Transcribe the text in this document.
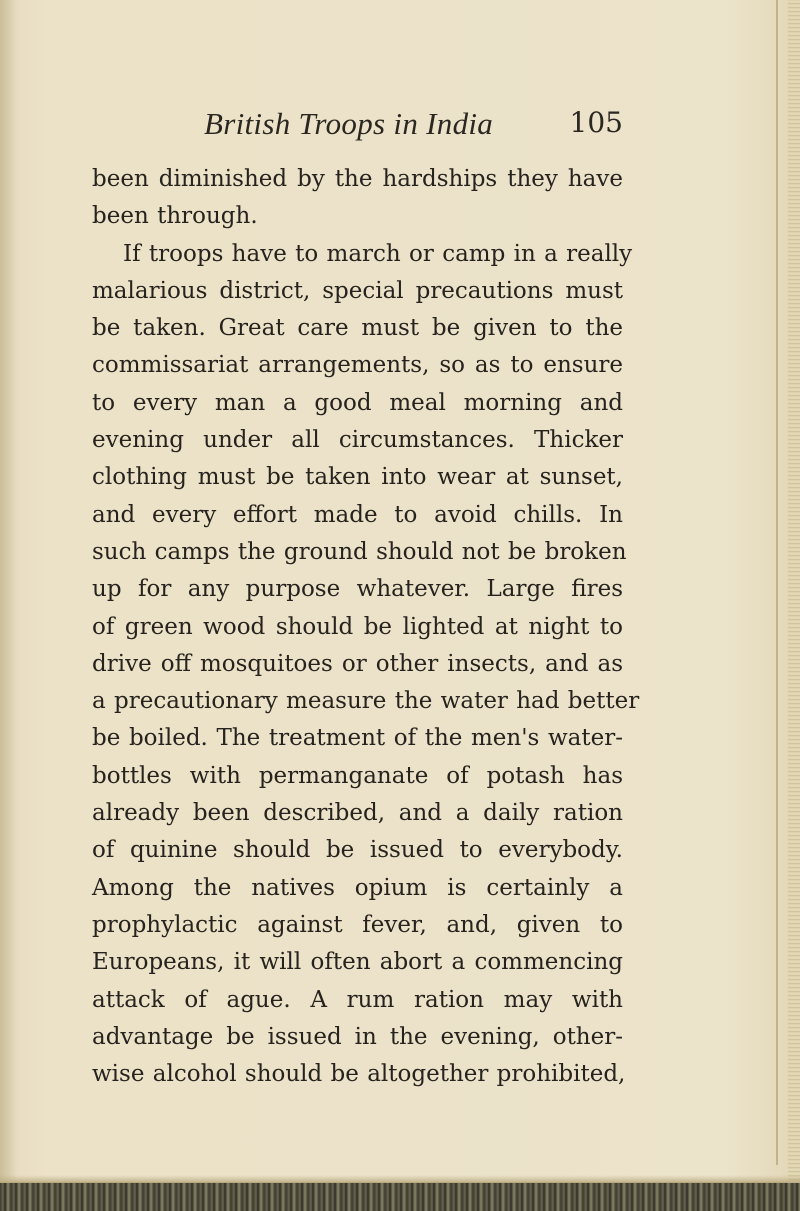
British Troops in India	105
been diminished by the hardships they have
been through.
If troops have to march or camp in a really
malarious district, special precautions must
be taken. Great care must be given to the
commissariat arrangements, so as to ensure
to every man a good meal morning and
evening under all circumstances. Thicker
clothing must be taken into wear at sunset,
and every effort made to avoid chills. In
such camps the ground should not be broken
up for any purpose whatever. Large fires
of green wood should be lighted at night to
drive off mosquitoes or other insects, and as
a precautionary measure the water had better
be boiled. The treatment of the men's water-
bottles with permanganate of potash has
already been described, and a daily ration
of quinine should be issued to everybody.
Among the natives opium is certainly a
prophylactic against fever, and, given to
Europeans, it will often abort a commencing
attack of ague. A rum ration may with
advantage be issued in the evening, other-
wise alcohol should be altogether prohibited,
